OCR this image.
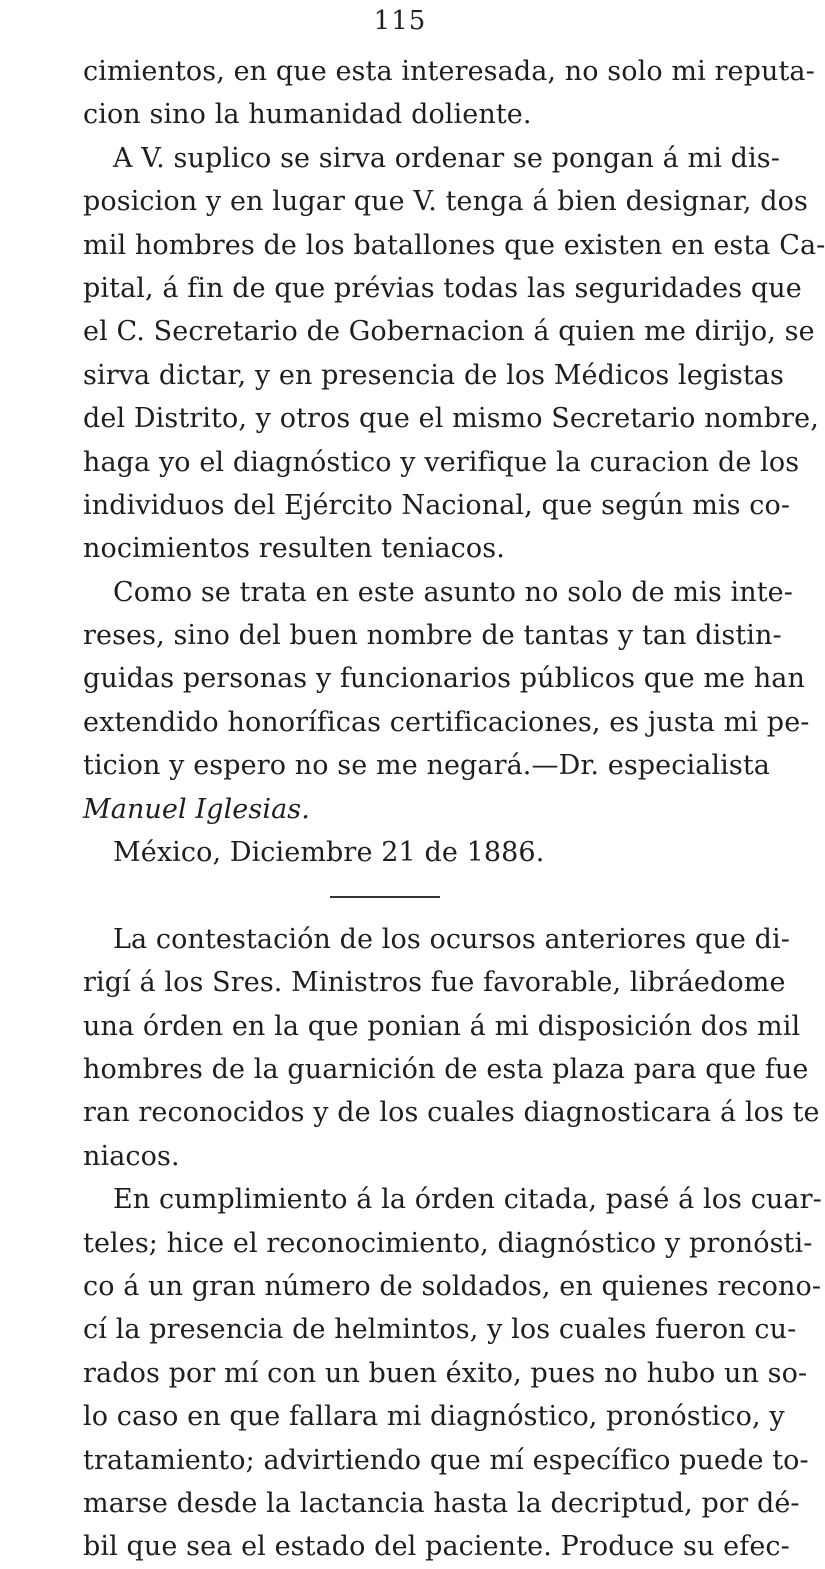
115
cimientos, en que esta interesada, no solo mi reputa-
cion sino la humanidad doliente.
A V. suplico se sirva ordenar se pongan á mi dis-
posicion y en lugar que V. tenga á bien designar, dos
mil hombres de los batallones que existen en esta Ca-
pital, á fin de que prévias todas las seguridades que
el C. Secretario de Gobernacion á quien me dirijo, se
sirva dictar, y en presencia de los Médicos legistas
del Distrito, y otros que el mismo Secretario nombre,
haga yo el diagnóstico y verifique la curacion de los
individuos del Ejército Nacional, que según mis co-
nocimientos resulten teniacos.
Como se trata en este asunto no solo de mis inte-
reses, sino del buen nombre de tantas y tan distin-
guidas personas y funcionarios públicos que me han
extendido honoríficas certificaciones, es justa mi pe-
ticion y espero no se me negará.—Dr. especialista
Manuel Iglesias.
México, Diciembre 21 de 1886.
La contestación de los ocursos anteriores que di-
rigí á los Sres. Ministros fue favorable, libráedome
una órden en la que ponian á mi disposición dos mil
hombres de la guarnición de esta plaza para que fue
ran reconocidos y de los cuales diagnosticara á los te
niacos.
En cumplimiento á la órden citada, pasé á los cuar-
teles; hice el reconocimiento, diagnóstico y pronósti-
co á un gran número de soldados, en quienes recono-
cí la presencia de helmintos, y los cuales fueron cu-
rados por mí con un buen éxito, pues no hubo un so-
lo caso en que fallara mi diagnóstico, pronóstico, y
tratamiento; advirtiendo que mí específico puede to-
marse desde la lactancia hasta la decriptud, por dé-
bil que sea el estado del paciente. Produce su efec-
